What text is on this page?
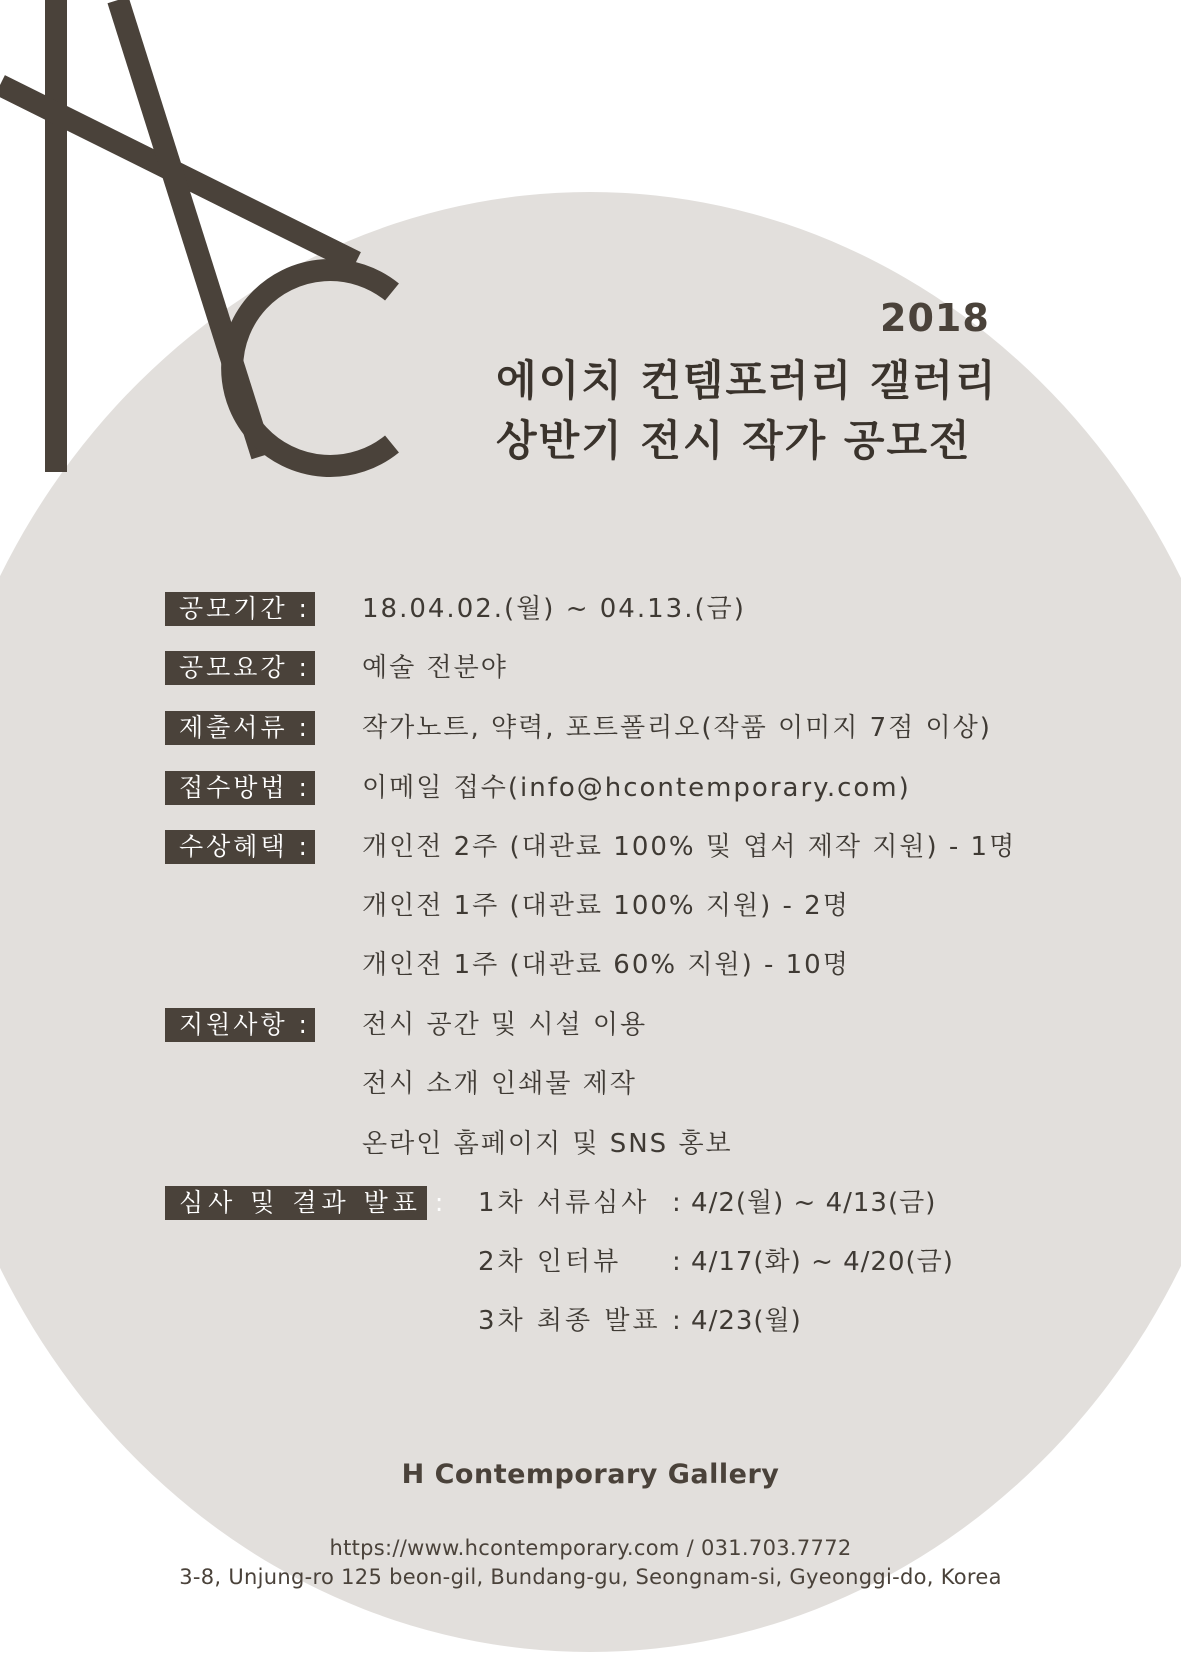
2018
에이치 컨템포러리 갤러리
상반기 전시 작가 공모전
공모기간 : 18.04.02.(월) ~ 04.13.(금)
공모요강 : 예술 전분야
제출서류 : 작가노트, 약력, 포트폴리오(작품 이미지 7점 이상)
접수방법 : 이메일 접수(info@hcontemporary.com)
수상혜택 : 개인전 2주 (대관료 100% 및 엽서 제작 지원) - 1명
개인전 1주 (대관료 100% 지원) - 2명
개인전 1주 (대관료 60% 지원) - 10명
지원사항 : 전시 공간 및 시설 이용
전시 소개 인쇄물 제작
온라인 홈페이지 및 SNS 홍보
심사 및 결과 발표 : 1차 서류심사 : 4/2(월) ~ 4/13(금)
2차 인터뷰	: 4/17(화) ~ 4/20(금)
3차 최종 발표 : 4/23(월)
H Contemporary Gallery
https://www.hcontemporary.com / 031.703.7772
3-8, Unjung-ro 125 beon-gil, Bundang-gu, Seongnam-si, Gyeonggi-do, Korea
